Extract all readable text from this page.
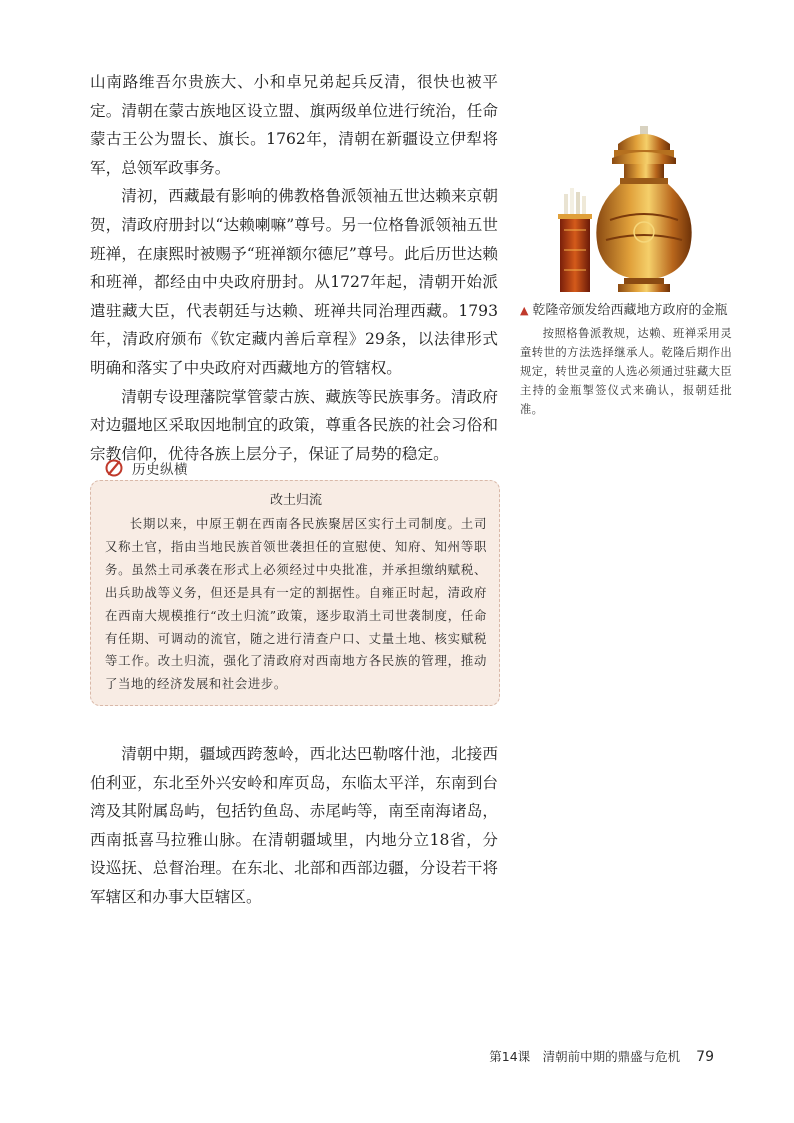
山南路维吾尔贵族大、小和卓兄弟起兵反清，很快也被平定。清朝在蒙古族地区设立盟、旗两级单位进行统治，任命蒙古王公为盟长、旗长。1762年，清朝在新疆设立伊犁将军，总领军政事务。

清初，西藏最有影响的佛教格鲁派领袖五世达赖来京朝贺，清政府册封以“达赖喇嘛”尊号。另一位格鲁派领袖五世班禅，在康熙时被赐予“班禅额尔德尼”尊号。此后历世达赖和班禅，都经由中央政府册封。从1727年起，清朝开始派遣驻藏大臣，代表朝廷与达赖、班禅共同治理西藏。1793年，清政府颁布《钦定藏内善后章程》29条，以法律形式明确和落实了中央政府对西藏地方的管辖权。

清朝专设理藩院掌管蒙古族、藏族等民族事务。清政府对边疆地区采取因地制宜的政策，尊重各民族的社会习俗和宗教信仰，优待各族上层分子，保证了局势的稳定。

▲ 乾隆帝颁发给西藏地方政府的金瓶
按照格鲁派教规，达赖、班禅采用灵童转世的方法选择继承人。乾隆后期作出规定，转世灵童的人选必须通过驻藏大臣主持的金瓶掣签仪式来确认，报朝廷批准。
历史纵横
改土归流

长期以来，中原王朝在西南各民族聚居区实行土司制度。土司又称土官，指由当地民族首领世袭担任的宣慰使、知府、知州等职务。虽然土司承袭在形式上必须经过中央批准，并承担缴纳赋税、出兵助战等义务，但还是具有一定的割据性。自雍正时起，清政府在西南大规模推行“改土归流”政策，逐步取消土司世袭制度，任命有任期、可调动的流官，随之进行清查户口、丈量土地、核实赋税等工作。改土归流，强化了清政府对西南地方各民族的管理，推动了当地的经济发展和社会进步。

清朝中期，疆域西跨葱岭，西北达巴勒喀什池，北接西伯利亚，东北至外兴安岭和库页岛，东临太平洋，东南到台湾及其附属岛屿，包括钓鱼岛、赤尾屿等，南至南海诸岛，西南抵喜马拉雅山脉。在清朝疆域里，内地分立18省，分设巡抚、总督治理。在东北、北部和西部边疆，分设若干将军辖区和办事大臣辖区。

第14课　清朝前中期的鼎盛与危机 79
